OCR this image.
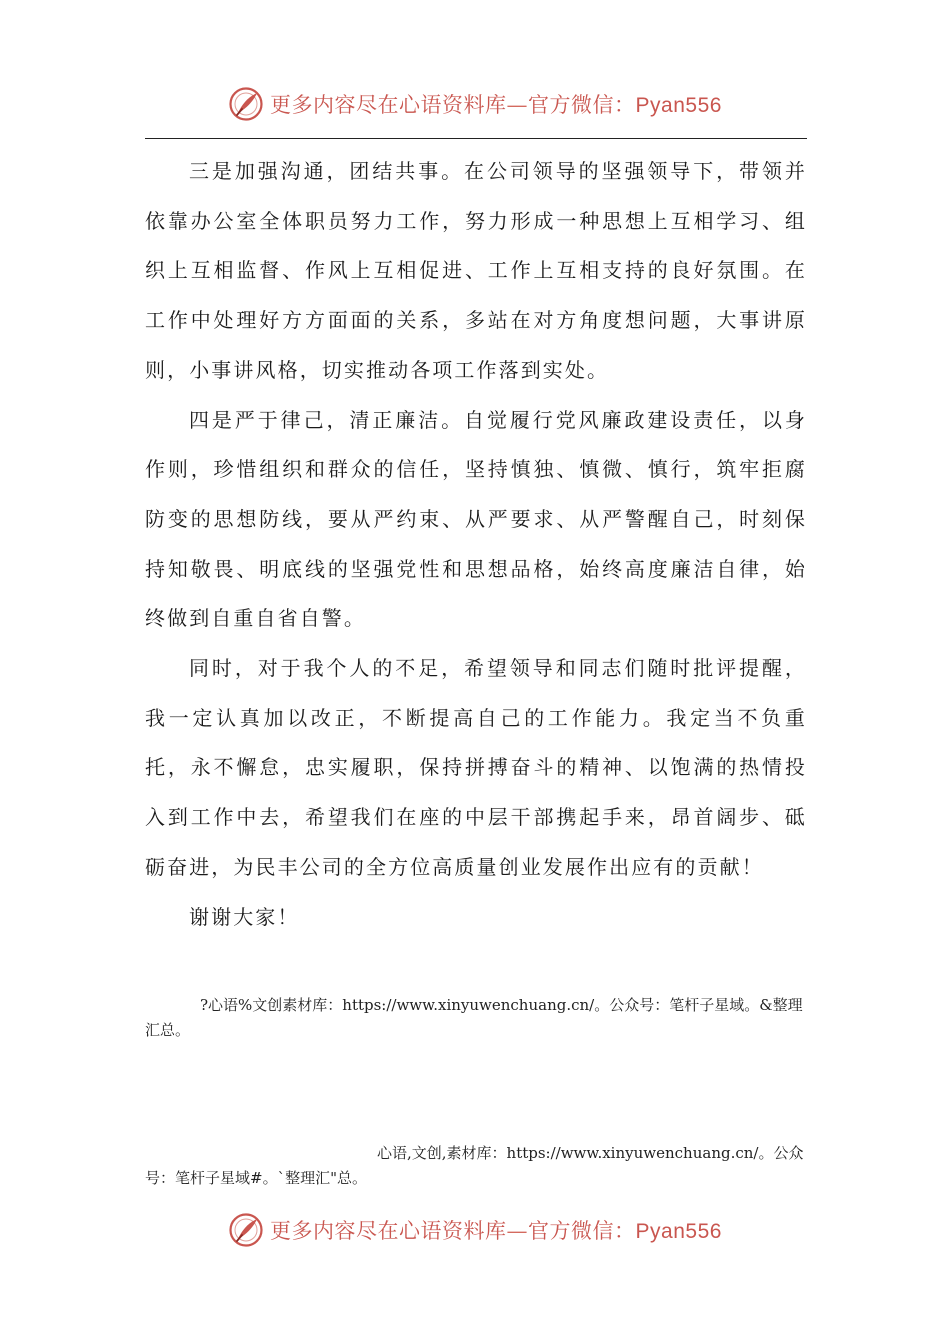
更多内容尽在心语资料库—官方微信：Pyan556

三是加强沟通，团结共事。在公司领导的坚强领导下，带领并依靠办公室全体职员努力工作，努力形成一种思想上互相学习、组织上互相监督、作风上互相促进、工作上互相支持的良好氛围。在工作中处理好方方面面的关系，多站在对方角度想问题，大事讲原则，小事讲风格，切实推动各项工作落到实处。

四是严于律己，清正廉洁。自觉履行党风廉政建设责任，以身作则，珍惜组织和群众的信任，坚持慎独、慎微、慎行，筑牢拒腐防变的思想防线，要从严约束、从严要求、从严警醒自己，时刻保持知敬畏、明底线的坚强党性和思想品格，始终高度廉洁自律，始终做到自重自省自警。

同时，对于我个人的不足，希望领导和同志们随时批评提醒，我一定认真加以改正，不断提高自己的工作能力。我定当不负重托，永不懈怠，忠实履职，保持拼搏奋斗的精神、以饱满的热情投入到工作中去，希望我们在座的中层干部携起手来，昂首阔步、砥砺奋进，为民丰公司的全方位高质量创业发展作出应有的贡献！

谢谢大家！

?心语%文创素材库：https://www.xinyuwenchuang.cn/。公众号：笔杆子星域。&整理汇总。
心语,文创,素材库：https://www.xinyuwenchuang.cn/。公众号：笔杆子星域#。`整理汇"总。
更多内容尽在心语资料库—官方微信：Pyan556
